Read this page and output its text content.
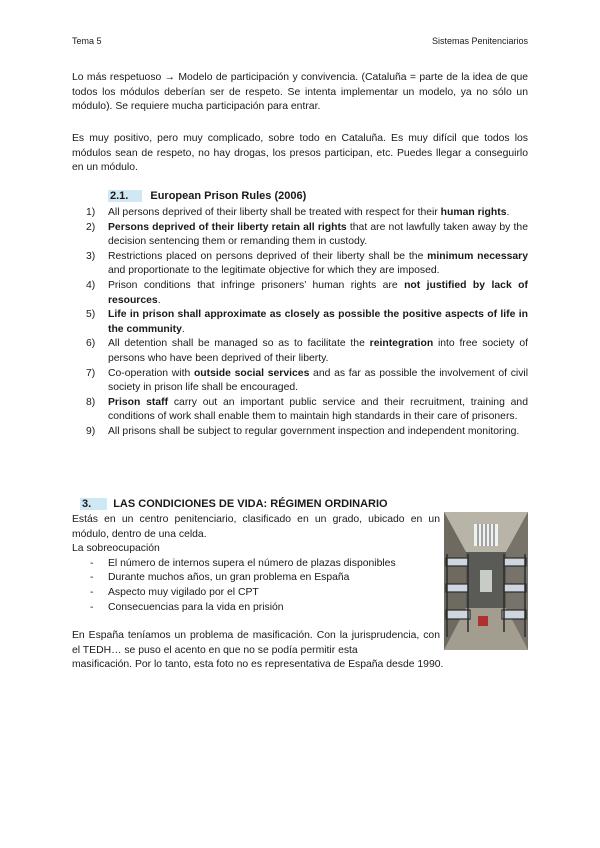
Tema 5	Sistemas Penitenciarios

Lo más respetuoso → Modelo de participación y convivencia. (Cataluña = parte de la idea de que todos los módulos deberían ser de respeto. Se intenta implementar un modelo, ya no sólo un módulo). Se requiere mucha participación para entrar.

Es muy positivo, pero muy complicado, sobre todo en Cataluña. Es muy difícil que todos los módulos sean de respeto, no hay drogas, los presos participan, etc. Puedes llegar a conseguirlo en un módulo.

2.1. European Prison Rules (2006)
1)	All persons deprived of their liberty shall be treated with respect for their human rights.
2)	Persons deprived of their liberty retain all rights that are not lawfully taken away by the decision sentencing them or remanding them in custody.
3)	Restrictions placed on persons deprived of their liberty shall be the minimum necessary and proportionate to the legitimate objective for which they are imposed.
4)	Prison conditions that infringe prisoners’ human rights are not justified by lack of resources.
5)	Life in prison shall approximate as closely as possible the positive aspects of life in the community.
6)	All detention shall be managed so as to facilitate the reintegration into free society of persons who have been deprived of their liberty.
7)	Co-operation with outside social services and as far as possible the involvement of civil society in prison life shall be encouraged.
8)	Prison staff carry out an important public service and their recruitment, training and conditions of work shall enable them to maintain high standards in their care of prisoners.
9)	All prisons shall be subject to regular government inspection and independent monitoring.
3. LAS CONDICIONES DE VIDA: RÉGIMEN ORDINARIO

Estás en un centro penitenciario, clasificado en un grado, ubicado en un módulo, dentro de una celda.

La sobreocupación

-	El número de internos supera el número de plazas disponibles
-	Durante muchos años, un gran problema en España
-	Aspecto muy vigilado por el CPT
-	Consecuencias para la vida en prisión

En España teníamos un problema de masificación. Con la jurisprudencia, con el TEDH… se puso el acento en que no se podía permitir esta

masificación. Por lo tanto, esta foto no es representativa de España desde 1990.
